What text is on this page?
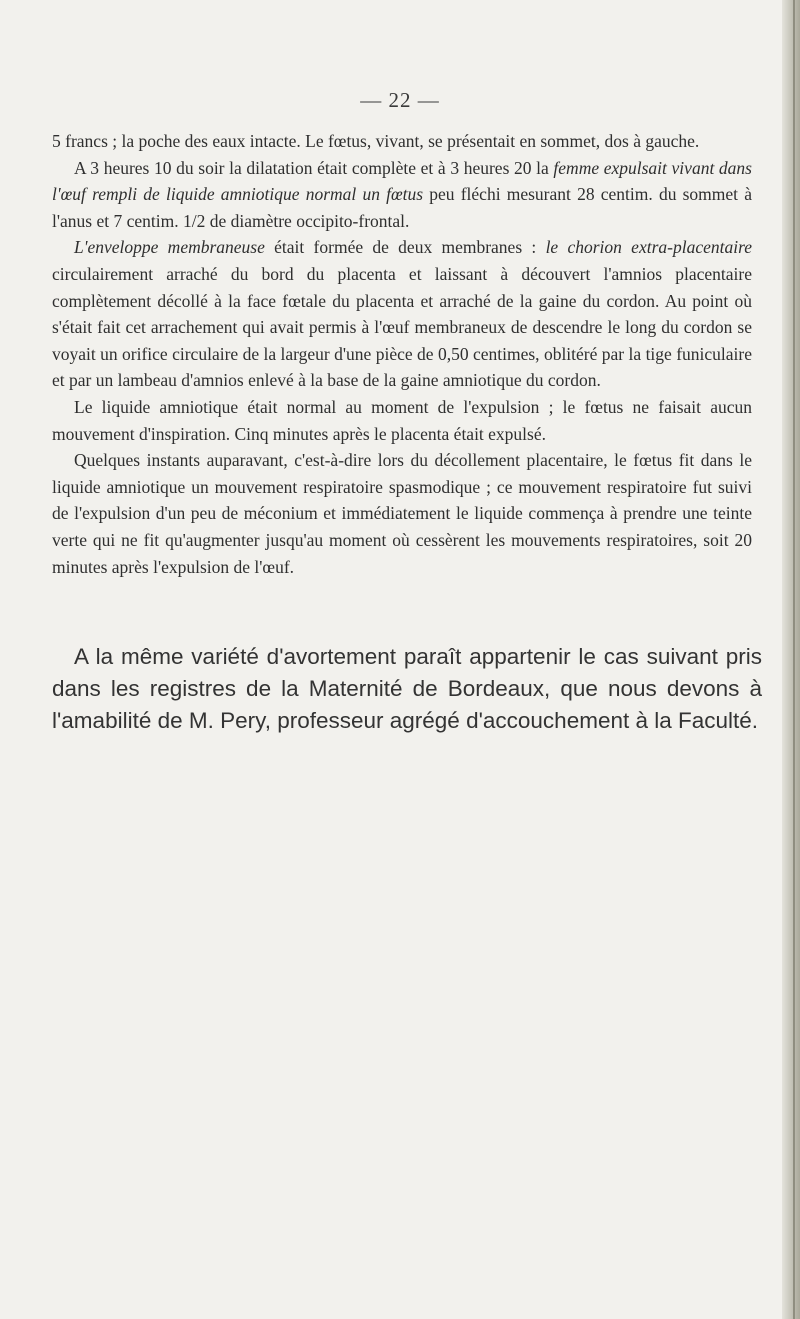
— 22 —

5 francs ; la poche des eaux intacte. Le fœtus, vivant, se présentait en sommet, dos à gauche.

A 3 heures 10 du soir la dilatation était complète et à 3 heures 20 la femme expulsait vivant dans l'œuf rempli de liquide amniotique normal un fœtus peu fléchi mesurant 28 centim. du sommet à l'anus et 7 centim. 1/2 de diamètre occipito-frontal.

L'enveloppe membraneuse était formée de deux membranes : le chorion extra-placentaire circulairement arraché du bord du placenta et laissant à découvert l'amnios placentaire complètement décollé à la face fœtale du placenta et arraché de la gaine du cordon. Au point où s'était fait cet arrachement qui avait permis à l'œuf membraneux de descendre le long du cordon se voyait un orifice circulaire de la largeur d'une pièce de 0,50 centimes, oblitéré par la tige funiculaire et par un lambeau d'amnios enlevé à la base de la gaine amniotique du cordon.

Le liquide amniotique était normal au moment de l'expulsion ; le fœtus ne faisait aucun mouvement d'inspiration. Cinq minutes après le placenta était expulsé.

Quelques instants auparavant, c'est-à-dire lors du décollement placentaire, le fœtus fit dans le liquide amniotique un mouvement respiratoire spasmodique ; ce mouvement respiratoire fut suivi de l'expulsion d'un peu de méconium et immédiatement le liquide commença à prendre une teinte verte qui ne fit qu'augmenter jusqu'au moment où cessèrent les mouvements respiratoires, soit 20 minutes après l'expulsion de l'œuf.

A la même variété d'avortement paraît appartenir le cas suivant pris dans les registres de la Maternité de Bordeaux, que nous devons à l'amabilité de M. Pery, professeur agrégé d'accouchement à la Faculté.
